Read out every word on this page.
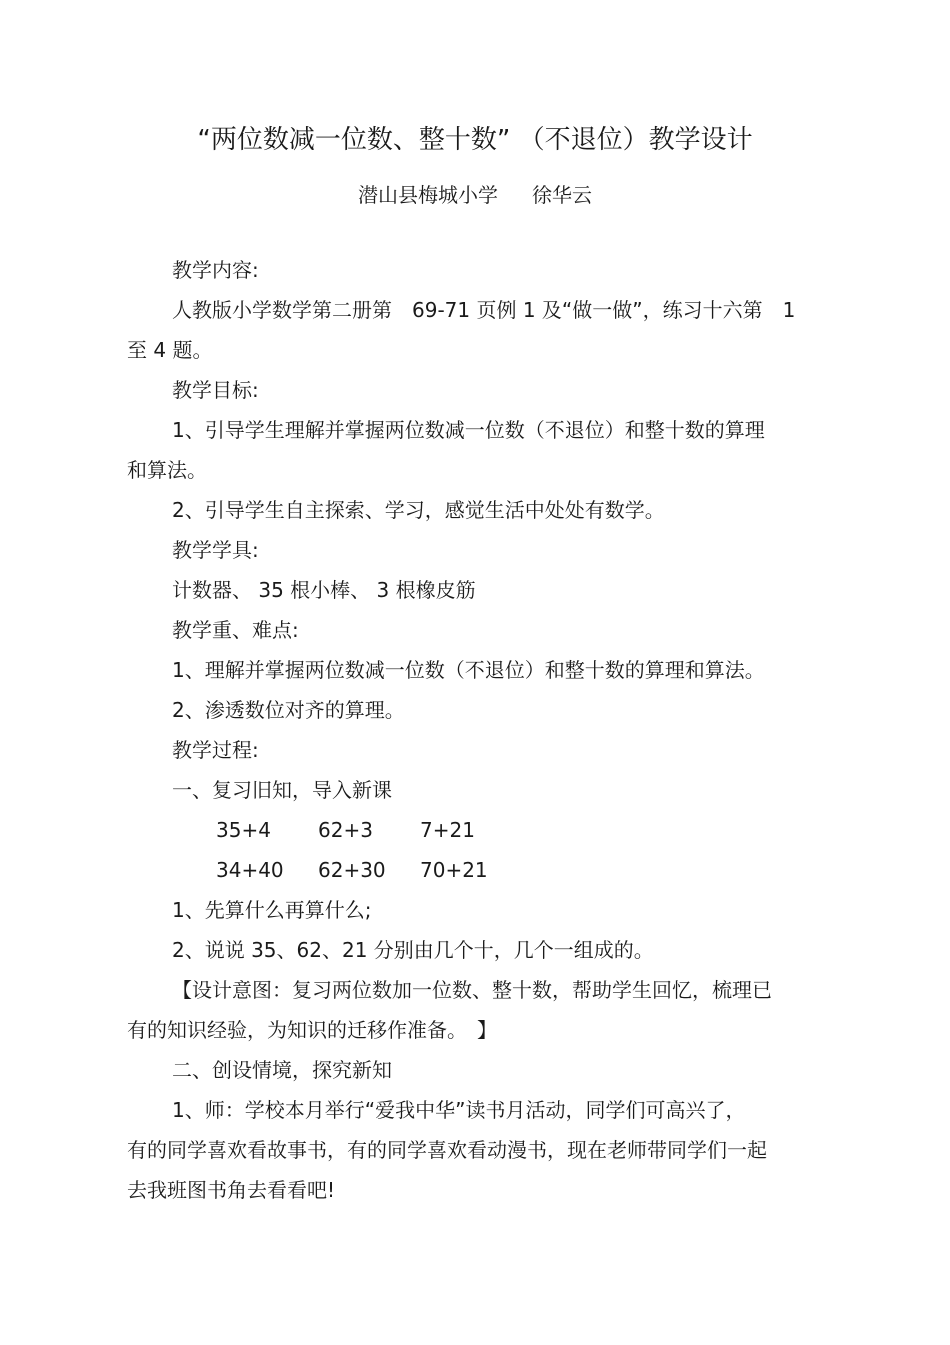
“两位数减一位数、整十数” （不退位）教学设计
潜山县梅城小学 徐华云
教学内容:
人教版小学数学第二册第　69-71 页例 1 及“做一做”，练习十六第　1
至 4 题。
教学目标:
1、引导学生理解并掌握两位数减一位数（不退位）和整十数的算理
和算法。
2、引导学生自主探索、学习，感觉生活中处处有数学。
教学学具:
计数器、 35 根小棒、 3 根橡皮筋
教学重、难点:
1、理解并掌握两位数减一位数（不退位）和整十数的算理和算法。
2、渗透数位对齐的算理。
教学过程:
一、复习旧知，导入新课
35+4 62+3 7+21
34+40 62+30 70+21
1、先算什么再算什么;
2、说说 35、62、21 分别由几个十，几个一组成的。
【设计意图：复习两位数加一位数、整十数，帮助学生回忆，梳理已
有的知识经验，为知识的迁移作准备。　】
二、创设情境，探究新知
1、师：学校本月举行“爱我中华”读书月活动，同学们可高兴了，
有的同学喜欢看故事书，有的同学喜欢看动漫书，现在老师带同学们一起
去我班图书角去看看吧!
